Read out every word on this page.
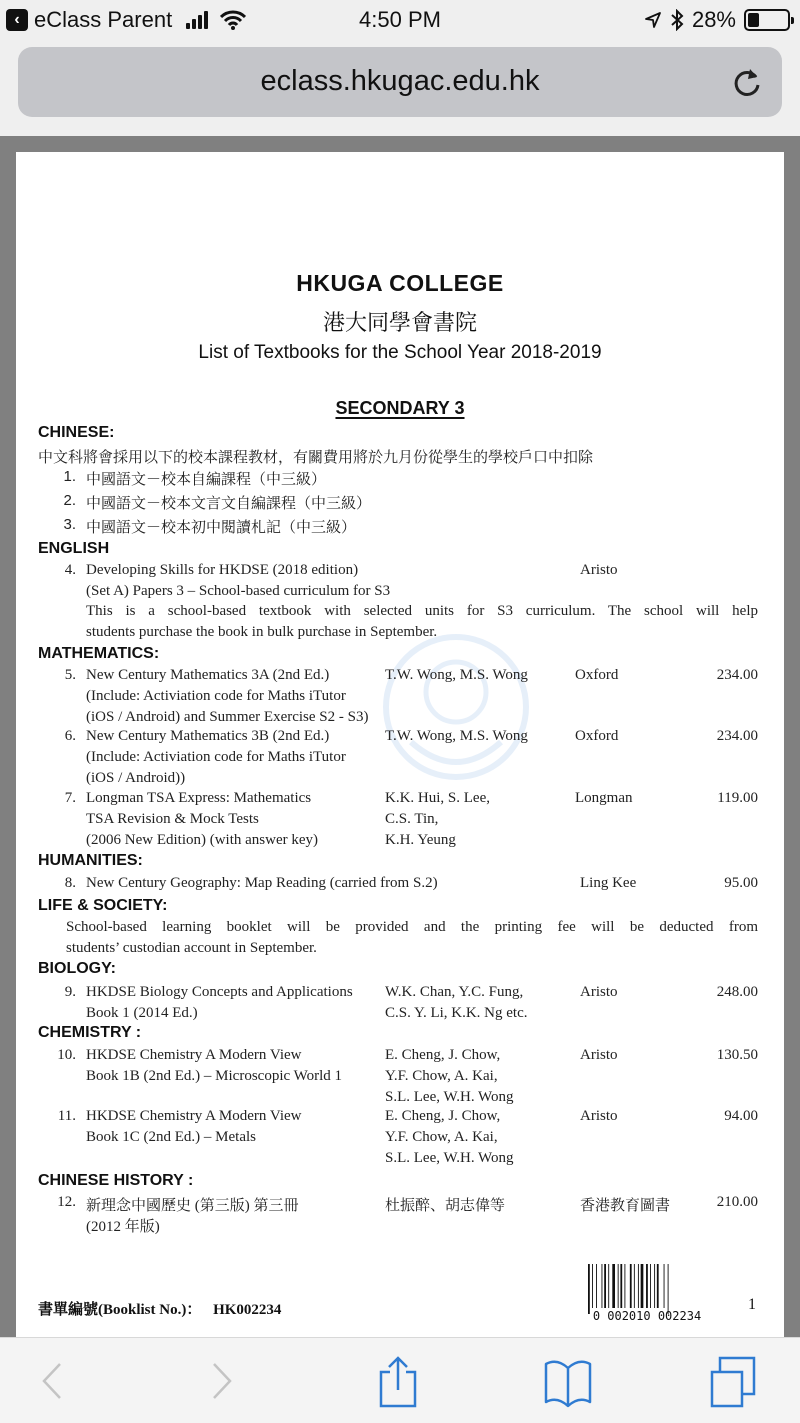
‹ eClass Parent	4:50 PM	28%
eclass.hkugac.edu.hk
HKUGA COLLEGE
港大同學會書院
List of Textbooks for the School Year 2018-2019
SECONDARY 3
CHINESE:
中文科將會採用以下的校本課程教材，有關費用將於九月份從學生的學校戶口中扣除
1. 中國語文－校本自編課程（中三級）
2. 中國語文－校本文言文自編課程（中三級）
3. 中國語文－校本初中閱讀札記（中三級）
ENGLISH
4. Developing Skills for HKDSE (2018 edition)	Aristo
(Set A) Papers 3 – School-based curriculum for S3
This is a school-based textbook with selected units for S3 curriculum. The school will help
students purchase the book in bulk purchase in September.
MATHEMATICS:
5. New Century Mathematics 3A (2nd Ed.)
(Include: Activiation code for Maths iTutor
(iOS / Android) and Summer Exercise S2 - S3)
T.W. Wong, M.S. Wong	Oxford	234.00
6. New Century Mathematics 3B (2nd Ed.)
(Include: Activiation code for Maths iTutor
(iOS / Android))
T.W. Wong, M.S. Wong	Oxford	234.00
7. Longman TSA Express: Mathematics
TSA Revision & Mock Tests
(2006 New Edition) (with answer key)
K.K. Hui, S. Lee,
C.S. Tin,
K.H. Yeung
Longman	119.00
HUMANITIES:
8. New Century Geography: Map Reading (carried from S.2)	Ling Kee	95.00
LIFE & SOCIETY:
School-based learning booklet will be provided and the printing fee will be deducted from
students’ custodian account in September.
BIOLOGY:
9. HKDSE Biology Concepts and Applications
Book 1 (2014 Ed.)
W.K. Chan, Y.C. Fung,
C.S. Y. Li, K.K. Ng etc.
Aristo	248.00
CHEMISTRY :
10. HKDSE Chemistry A Modern View
Book 1B (2nd Ed.) – Microscopic World 1
E. Cheng, J. Chow,
Y.F. Chow, A. Kai,
S.L. Lee, W.H. Wong
Aristo	130.50
11. HKDSE Chemistry A Modern View
Book 1C (2nd Ed.) – Metals
E. Cheng, J. Chow,
Y.F. Chow, A. Kai,
S.L. Lee, W.H. Wong
Aristo	94.00
CHINESE HISTORY :
12. 新理念中國歷史 (第三版) 第三冊
(2012 年版)
杜振醉、胡志偉等	香港教育圖書	210.00
書單編號(Booklist No.)： HK002234	0 002010 002234
1
